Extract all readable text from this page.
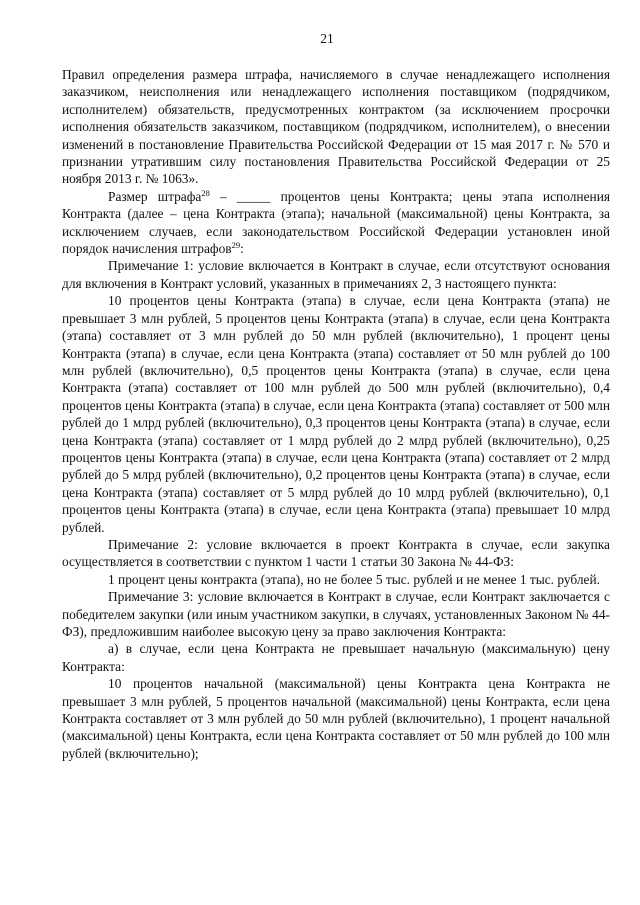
21

Правил определения размера штрафа, начисляемого в случае ненадлежащего исполнения заказчиком, неисполнения или ненадлежащего исполнения поставщиком (подрядчиком, исполнителем) обязательств, предусмотренных контрактом (за исключением просрочки исполнения обязательств заказчиком, поставщиком (подрядчиком, исполнителем), о внесении изменений в постановление Правительства Российской Федерации от 15 мая 2017 г. № 570 и признании утратившим силу постановления Правительства Российской Федерации от 25 ноября 2013 г. № 1063».

Размер штрафа$^{28}$ – _____ процентов цены Контракта; цены этапа исполнения Контракта (далее – цена Контракта (этапа); начальной (максимальной) цены Контракта, за исключением случаев, если законодательством Российской Федерации установлен иной порядок начисления штрафов$^{29}$:

Примечание 1: условие включается в Контракт в случае, если отсутствуют основания для включения в Контракт условий, указанных в примечаниях 2, 3 настоящего пункта:

10 процентов цены Контракта (этапа) в случае, если цена Контракта (этапа) не превышает 3 млн рублей, 5 процентов цены Контракта (этапа) в случае, если цена Контракта (этапа) составляет от 3 млн рублей до 50 млн рублей (включительно), 1 процент цены Контракта (этапа) в случае, если цена Контракта (этапа) составляет от 50 млн рублей до 100 млн рублей (включительно), 0,5 процентов цены Контракта (этапа) в случае, если цена Контракта (этапа) составляет от 100 млн рублей до 500 млн рублей (включительно), 0,4 процентов цены Контракта (этапа) в случае, если цена Контракта (этапа) составляет от 500 млн рублей до 1 млрд рублей (включительно), 0,3 процентов цены Контракта (этапа) в случае, если цена Контракта (этапа) составляет от 1 млрд рублей до 2 млрд рублей (включительно), 0,25 процентов цены Контракта (этапа) в случае, если цена Контракта (этапа) составляет от 2 млрд рублей до 5 млрд рублей (включительно), 0,2 процентов цены Контракта (этапа) в случае, если цена Контракта (этапа) составляет от 5 млрд рублей до 10 млрд рублей (включительно), 0,1 процентов цены Контракта (этапа) в случае, если цена Контракта (этапа) превышает 10 млрд рублей.

Примечание 2: условие включается в проект Контракта в случае, если закупка осуществляется в соответствии с пунктом 1 части 1 статьи 30 Закона № 44-ФЗ:

1 процент цены контракта (этапа), но не более 5 тыс. рублей и не менее 1 тыс. рублей.

Примечание 3: условие включается в Контракт в случае, если Контракт заключается с победителем закупки (или иным участником закупки, в случаях, установленных Законом № 44-ФЗ), предложившим наиболее высокую цену за право заключения Контракта:

а) в случае, если цена Контракта не превышает начальную (максимальную) цену Контракта:

10 процентов начальной (максимальной) цены Контракта цена Контракта не превышает 3 млн рублей, 5 процентов начальной (максимальной) цены Контракта, если цена Контракта составляет от 3 млн рублей до 50 млн рублей (включительно), 1 процент начальной (максимальной) цены Контракта, если цена Контракта составляет от 50 млн рублей до 100 млн рублей (включительно);
